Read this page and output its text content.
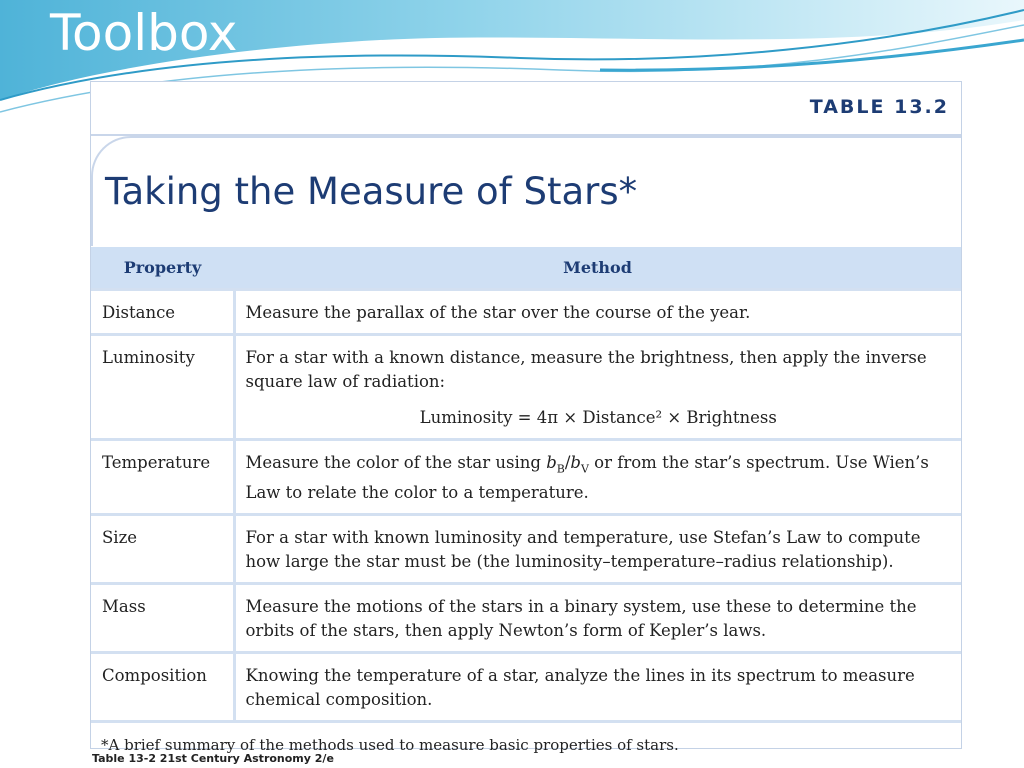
Toolbox
TABLE 13.2
Taking the Measure of Stars*
Property	Method
Distance	Measure the parallax of the star over the course of the year.
Luminosity	For a star with a known distance, measure the brightness, then apply the inverse square law of radiation:
Luminosity = 4π × Distance² × Brightness

Temperature	Measure the color of the star using $b_B/b_V$ or from the star’s spectrum. Use Wien’s Law to relate the color to a temperature.
Size	For a star with known luminosity and temperature, use Stefan’s Law to compute how large the star must be (the luminosity–temperature–radius relationship).
Mass	Measure the motions of the stars in a binary system, use these to determine the orbits of the stars, then apply Newton’s form of Kepler’s laws.
Composition	Knowing the temperature of a star, analyze the lines in its spectrum to measure chemical composition.
*A brief summary of the methods used to measure basic properties of stars.	
Table 13-2 21st Century Astronomy 2/e
